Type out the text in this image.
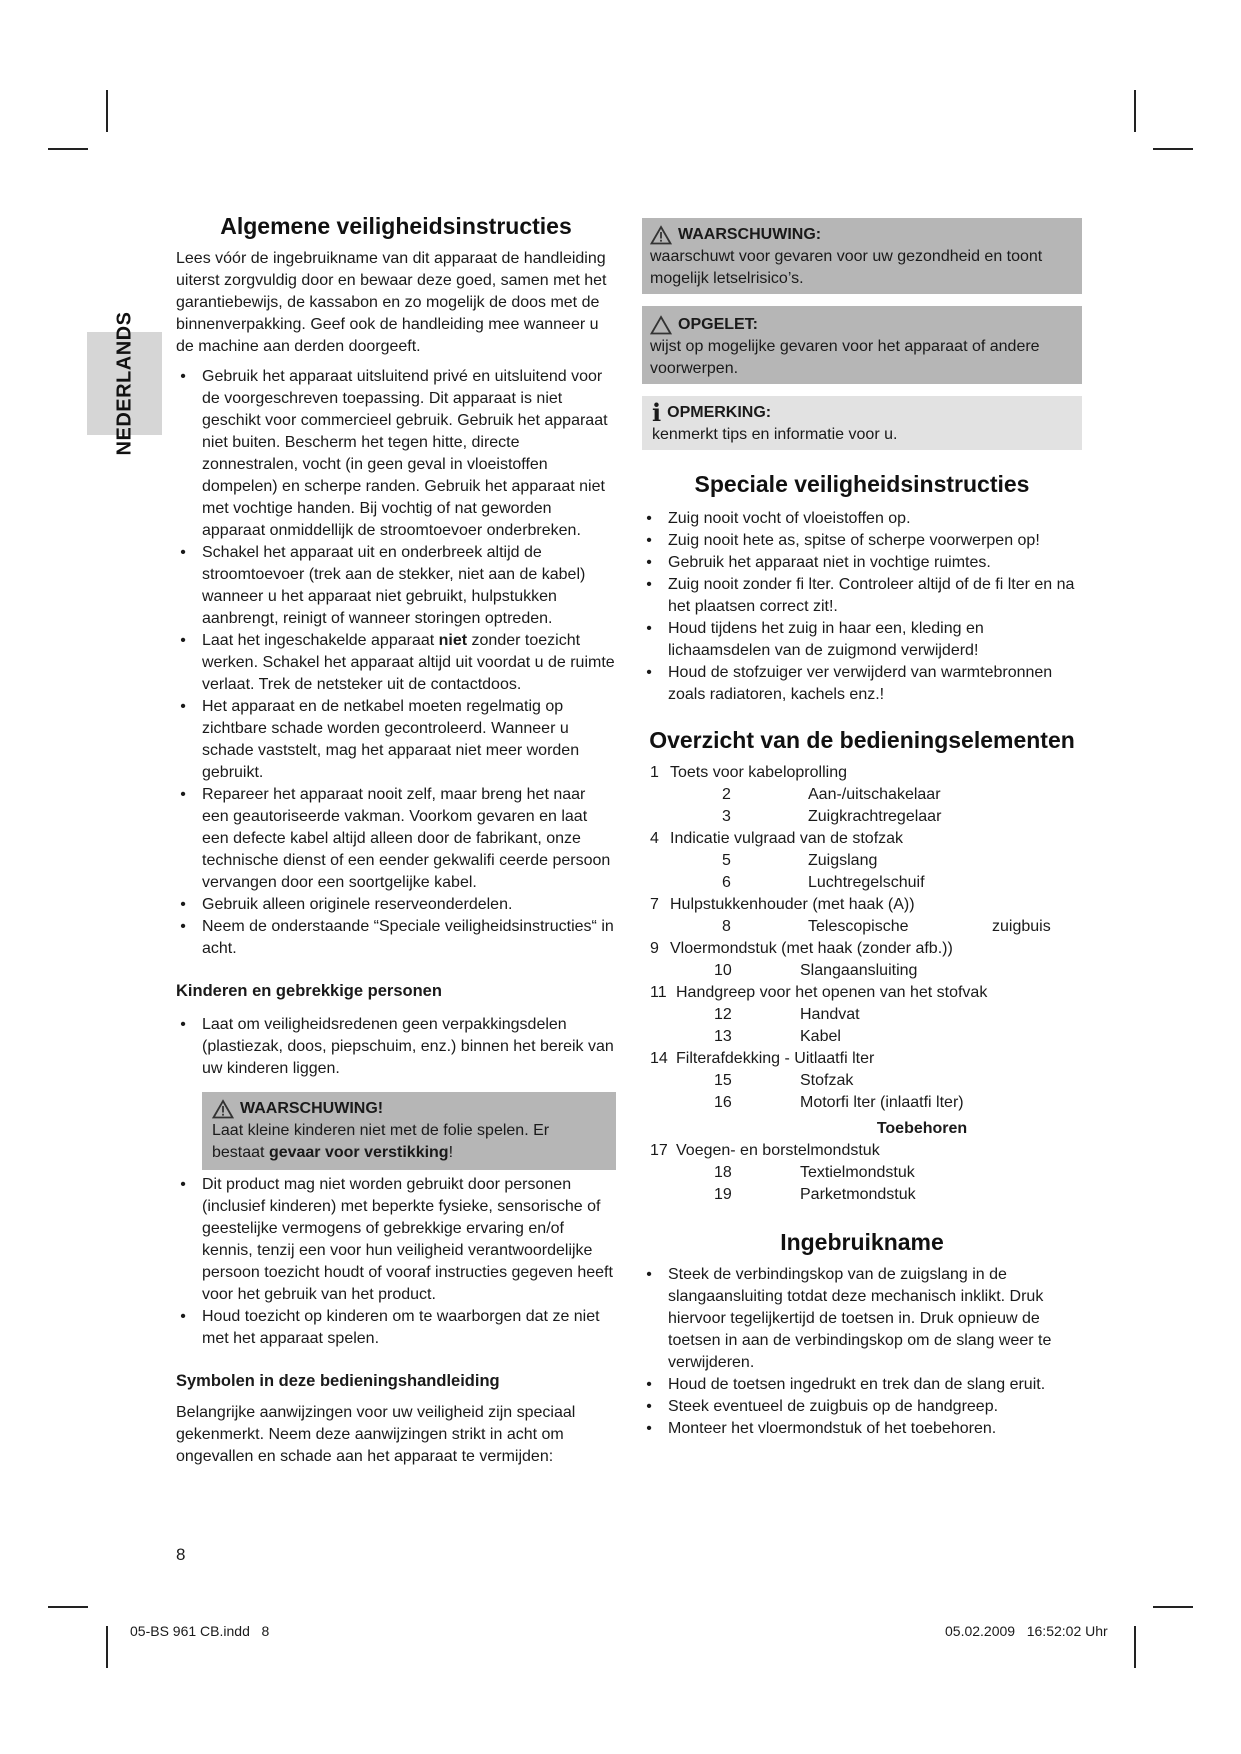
NEDERLANDS
Algemene veiligheidsinstructies

Lees vóór de ingebruikname van dit apparaat de handleiding uiterst zorgvuldig door en bewaar deze goed, samen met het garantiebewijs, de kassabon en zo mogelijk de doos met de binnenverpakking. Geef ook de handleiding mee wanneer u de machine aan derden doorgeeft.

• Gebruik het apparaat uitsluitend privé en uitsluitend voor de voorgeschreven toepassing. Dit apparaat is niet geschikt voor commercieel gebruik. Gebruik het apparaat niet buiten. Bescherm het tegen hitte, directe zonnestralen, vocht (in geen geval in vloeistoffen dompelen) en scherpe randen. Gebruik het apparaat niet met vochtige handen. Bij vochtig of nat geworden apparaat onmiddellijk de stroomtoevoer onderbreken.
• Schakel het apparaat uit en onderbreek altijd de stroomtoevoer (trek aan de stekker, niet aan de kabel) wanneer u het apparaat niet gebruikt, hulpstukken aanbrengt, reinigt of wanneer storingen optreden.
• Laat het ingeschakelde apparaat niet zonder toezicht werken. Schakel het apparaat altijd uit voordat u de ruimte verlaat. Trek de netsteker uit de contactdoos.
• Het apparaat en de netkabel moeten regelmatig op zichtbare schade worden gecontroleerd. Wanneer u schade vaststelt, mag het apparaat niet meer worden gebruikt.
• Repareer het apparaat nooit zelf, maar breng het naar een geautoriseerde vakman. Voorkom gevaren en laat een defecte kabel altijd alleen door de fabrikant, onze technische dienst of een eender gekwalifi ceerde persoon vervangen door een soortgelijke kabel.
• Gebruik alleen originele reserveonderdelen.
• Neem de onderstaande “Speciale veiligheidsinstructies“ in acht.
Kinderen en gebrekkige personen
• Laat om veiligheidsredenen geen verpakkingsdelen (plastiezak, doos, piepschuim, enz.) binnen het bereik van uw kinderen liggen.
WAARSCHUWING!
Laat kleine kinderen niet met de folie spelen. Er bestaat gevaar voor verstikking!
• Dit product mag niet worden gebruikt door personen (inclusief kinderen) met beperkte fysieke, sensorische of geestelijke vermogens of gebrekkige ervaring en/of kennis, tenzij een voor hun veiligheid verantwoordelijke persoon toezicht houdt of vooraf instructies gegeven heeft voor het gebruik van het product.
• Houd toezicht op kinderen om te waarborgen dat ze niet met het apparaat spelen.
Symbolen in deze bedieningshandleiding

Belangrijke aanwijzingen voor uw veiligheid zijn speciaal gekenmerkt. Neem deze aanwijzingen strikt in acht om ongevallen en schade aan het apparaat te vermijden:

WAARSCHUWING:
waarschuwt voor gevaren voor uw gezondheid en toont mogelijk letselrisico’s.
OPGELET:
wijst op mogelijke gevaren voor het apparaat of andere voorwerpen.
i OPMERKING:
kenmerkt tips en informatie voor u.
Speciale veiligheidsinstructies
• Zuig nooit vocht of vloeistoffen op.
• Zuig nooit hete as, spitse of scherpe voorwerpen op!
• Gebruik het apparaat niet in vochtige ruimtes.
• Zuig nooit zonder fi lter. Controleer altijd of de fi lter en na het plaatsen correct zit!.
• Houd tijdens het zuig in haar een, kleding en lichaamsdelen van de zuigmond verwijderd!
• Houd de stofzuiger ver verwijderd van warmtebronnen zoals radiatoren, kachels enz.!
Overzicht van de bedieningselementen
1 Toets voor kabeloprolling
2	Aan-/uitschakelaar
3	Zuigkrachtregelaar
4 Indicatie vulgraad van de stofzak
5	Zuigslang
6	Luchtregelschuif
7 Hulpstukkenhouder (met haak (A))
8	Telescopische	zuigbuis
9 Vloermondstuk (met haak (zonder afb.))
10	Slangaansluiting
11 Handgreep voor het openen van het stofvak
12	Handvat
13	Kabel
14 Filterafdekking - Uitlaatfi lter
15	Stofzak
16	Motorfi lter (inlaatfi lter)
Toebehoren
17 Voegen- en borstelmondstuk
18	Textielmondstuk
19	Parketmondstuk
Ingebruikname
• Steek de verbindingskop van de zuigslang in de slangaansluiting totdat deze mechanisch inklikt. Druk hiervoor tegelijkertijd de toetsen in. Druk opnieuw de toetsen in aan de verbindingskop om de slang weer te verwijderen.
• Houd de toetsen ingedrukt en trek dan de slang eruit.
• Steek eventueel de zuigbuis op de handgreep.
• Monteer het vloermondstuk of het toebehoren.
8
05-BS 961 CB.indd   8	05.02.2009   16:52:02 Uhr
